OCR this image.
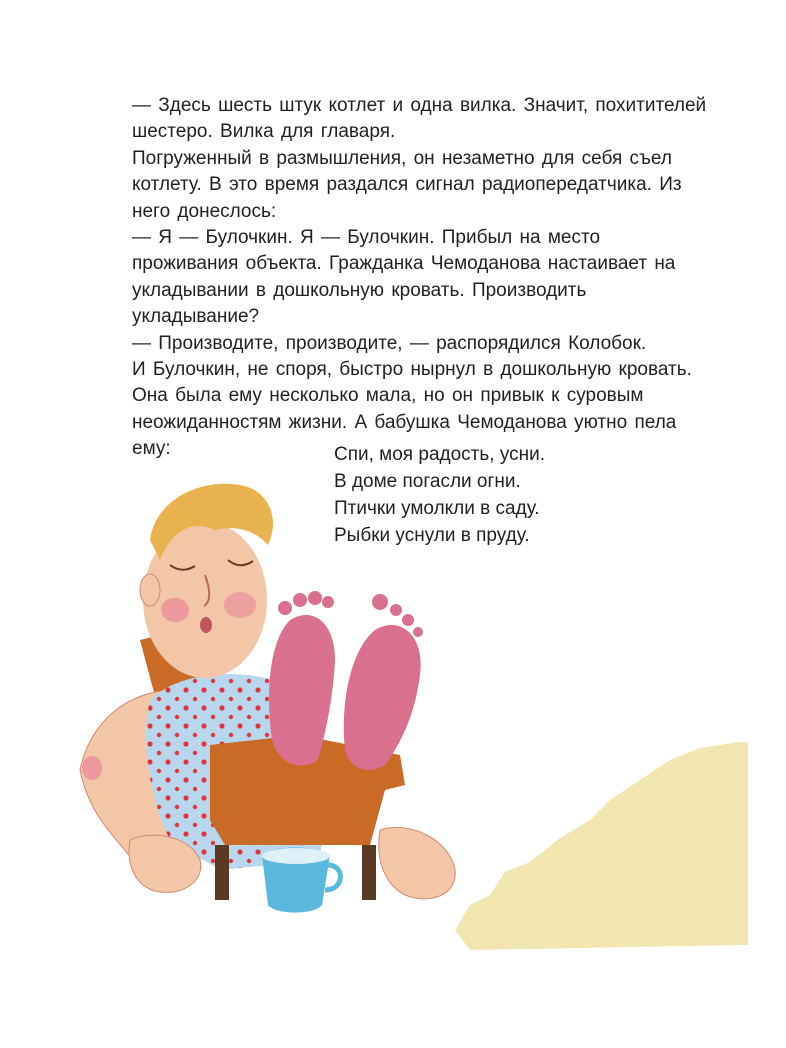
— Здесь шесть штук котлет и одна вилка. Значит, похитителей шестеро. Вилка для главаря.

Погруженный в размышления, он незаметно для себя съел котлету. В это время раздался сигнал радиопередатчика. Из него донеслось:

— Я — Булочкин. Я — Булочкин. Прибыл на место проживания объекта. Гражданка Чемоданова настаивает на укладывании в дошкольную кровать. Производить укладывание?

— Производите, производите, — распорядился Колобок.

И Булочкин, не споря, быстро нырнул в дошкольную кровать. Она была ему несколько мала, но он привык к суровым неожиданностям жизни. А бабушка Чемоданова уютно пела ему:	Спи, моя радость, усни.
В доме погасли огни.
Птички умолкли в саду.
Рыбки уснули в пруду.
